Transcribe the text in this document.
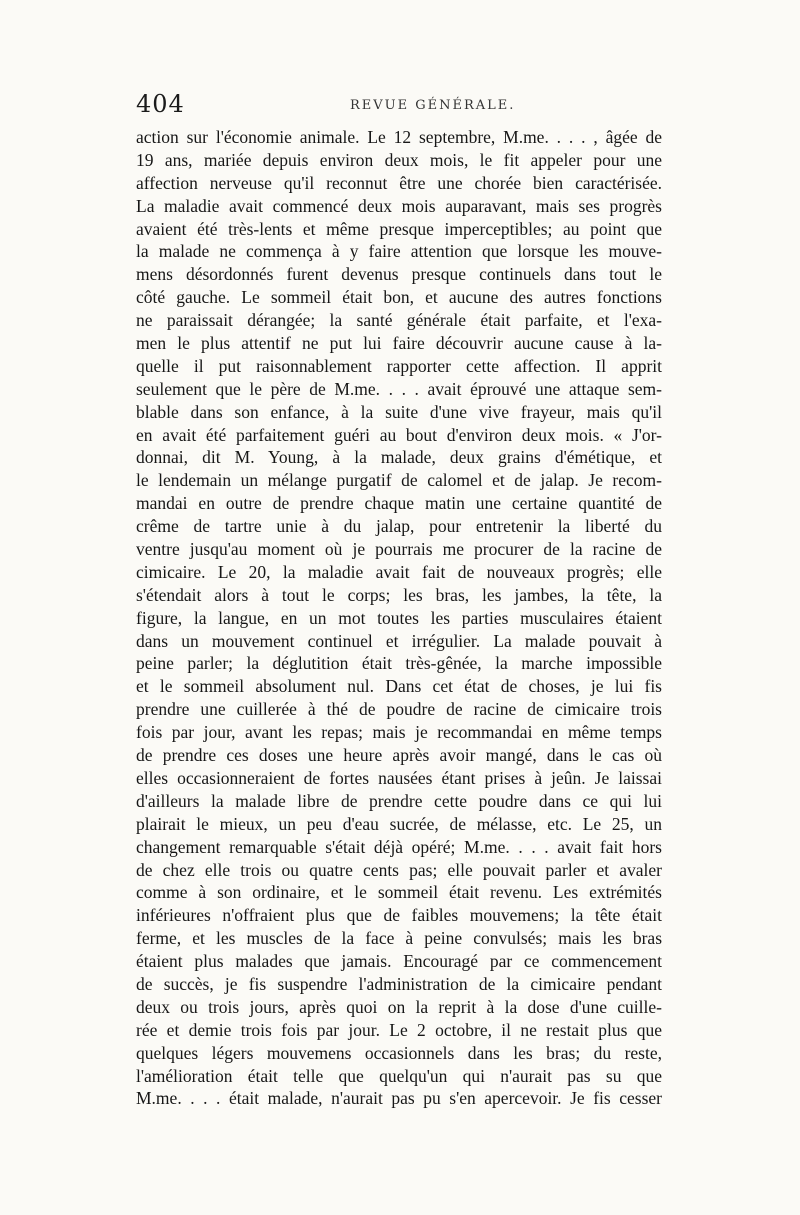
404	REVUE GÉNÉRALE.
action sur l'économie animale. Le 12 septembre, M.me. . . . , âgée de
19 ans, mariée depuis environ deux mois, le fit appeler pour une
affection nerveuse qu'il reconnut être une chorée bien caractérisée.
La maladie avait commencé deux mois auparavant, mais ses progrès
avaient été très-lents et même presque imperceptibles; au point que
la malade ne commença à y faire attention que lorsque les mouve-
mens désordonnés furent devenus presque continuels dans tout le
côté gauche. Le sommeil était bon, et aucune des autres fonctions
ne paraissait dérangée; la santé générale était parfaite, et l'exa-
men le plus attentif ne put lui faire découvrir aucune cause à la-
quelle il put raisonnablement rapporter cette affection. Il apprit
seulement que le père de M.me. . . . avait éprouvé une attaque sem-
blable dans son enfance, à la suite d'une vive frayeur, mais qu'il
en avait été parfaitement guéri au bout d'environ deux mois. « J'or-
donnai, dit M. Young, à la malade, deux grains d'émétique, et
le lendemain un mélange purgatif de calomel et de jalap. Je recom-
mandai en outre de prendre chaque matin une certaine quantité de
crême de tartre unie à du jalap, pour entretenir la liberté du
ventre jusqu'au moment où je pourrais me procurer de la racine de
cimicaire. Le 20, la maladie avait fait de nouveaux progrès; elle
s'étendait alors à tout le corps; les bras, les jambes, la tête, la
figure, la langue, en un mot toutes les parties musculaires étaient
dans un mouvement continuel et irrégulier. La malade pouvait à
peine parler; la déglutition était très-gênée, la marche impossible
et le sommeil absolument nul. Dans cet état de choses, je lui fis
prendre une cuillerée à thé de poudre de racine de cimicaire trois
fois par jour, avant les repas; mais je recommandai en même temps
de prendre ces doses une heure après avoir mangé, dans le cas où
elles occasionneraient de fortes nausées étant prises à jeûn. Je laissai
d'ailleurs la malade libre de prendre cette poudre dans ce qui lui
plairait le mieux, un peu d'eau sucrée, de mélasse, etc. Le 25, un
changement remarquable s'était déjà opéré; M.me. . . . avait fait hors
de chez elle trois ou quatre cents pas; elle pouvait parler et avaler
comme à son ordinaire, et le sommeil était revenu. Les extrémités
inférieures n'offraient plus que de faibles mouvemens; la tête était
ferme, et les muscles de la face à peine convulsés; mais les bras
étaient plus malades que jamais. Encouragé par ce commencement
de succès, je fis suspendre l'administration de la cimicaire pendant
deux ou trois jours, après quoi on la reprit à la dose d'une cuille-
rée et demie trois fois par jour. Le 2 octobre, il ne restait plus que
quelques légers mouvemens occasionnels dans les bras; du reste,
l'amélioration était telle que quelqu'un qui n'aurait pas su que
M.me. . . . était malade, n'aurait pas pu s'en apercevoir. Je fis cesser
